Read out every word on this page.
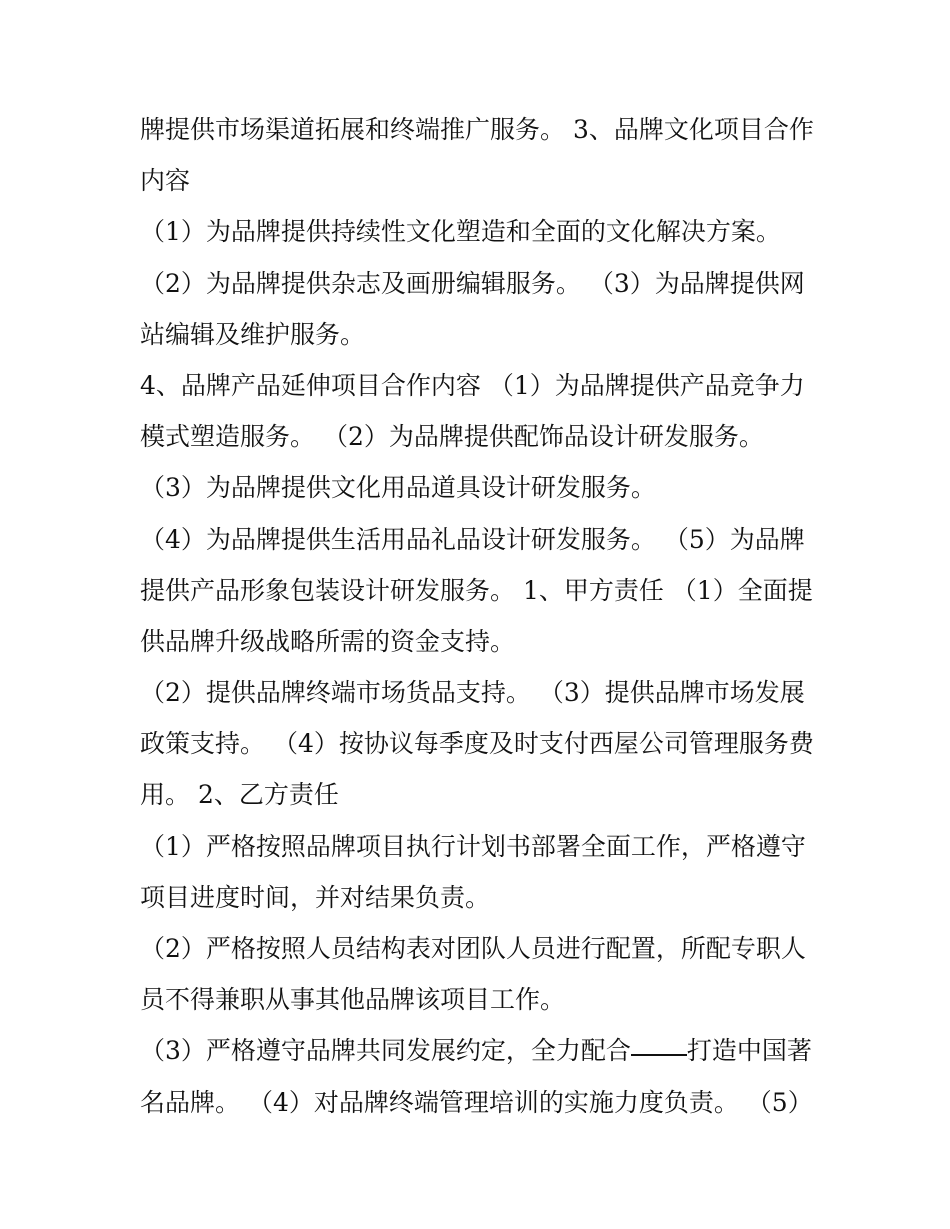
牌提供市场渠道拓展和终端推广服务。 3、品牌文化项目合作
内容
（1）为品牌提供持续性文化塑造和全面的文化解决方案。
（2）为品牌提供杂志及画册编辑服务。 （3）为品牌提供网
站编辑及维护服务。
4、品牌产品延伸项目合作内容 （1）为品牌提供产品竞争力
模式塑造服务。 （2）为品牌提供配饰品设计研发服务。
（3）为品牌提供文化用品道具设计研发服务。
（4）为品牌提供生活用品礼品设计研发服务。 （5）为品牌
提供产品形象包装设计研发服务。 1、甲方责任 （1）全面提
供品牌升级战略所需的资金支持。
（2）提供品牌终端市场货品支持。 （3）提供品牌市场发展
政策支持。 （4）按协议每季度及时支付西屋公司管理服务费
用。 2、乙方责任
（1）严格按照品牌项目执行计划书部署全面工作，严格遵守
项目进度时间，并对结果负责。
（2）严格按照人员结构表对团队人员进行配置，所配专职人
员不得兼职从事其他品牌该项目工作。
（3）严格遵守品牌共同发展约定，全力配合 打造中国著
名品牌。 （4）对品牌终端管理培训的实施力度负责。 （5）
